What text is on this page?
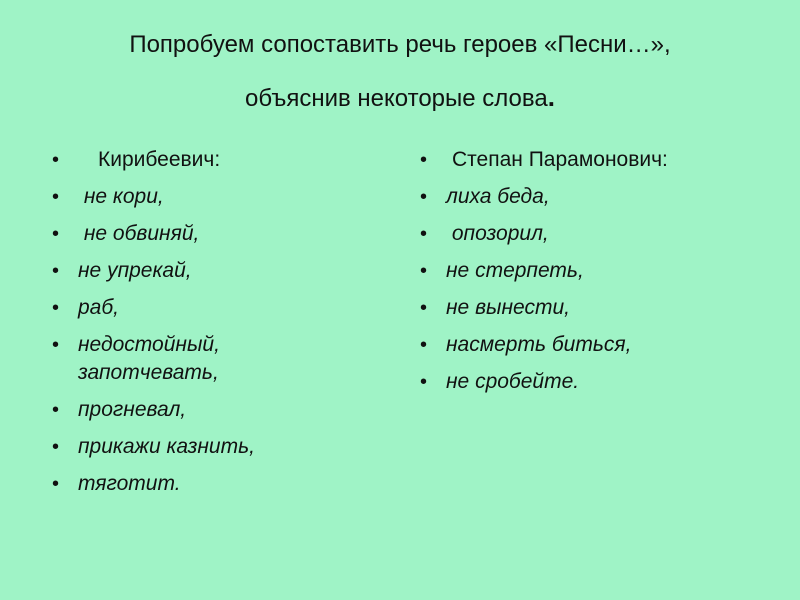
Попробуем сопоставить речь героев «Песни…»,
объяснив некоторые слова.
• Кирибеевич:
• не кори,
• не обвиняй,
• не упрекай,
• раб,
• недостойный,
запотчевать,
• прогневал,
• прикажи казнить,
• тяготит.
• Степан Парамонович:
• лиха беда,
• опозорил,
• не стерпеть,
• не вынести,
• насмерть биться,
• не сробейте.
